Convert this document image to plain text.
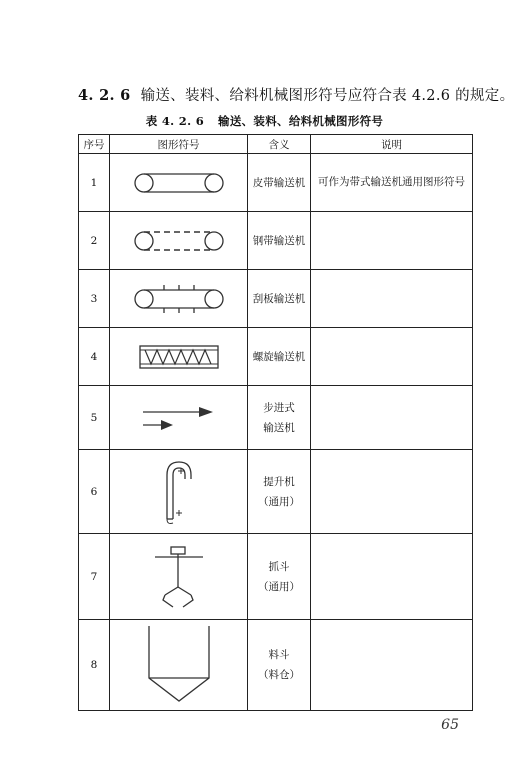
4. 2. 6 输送、装料、给料机械图形符号应符合表 4.2.6 的规定。
表 4. 2. 6 输送、装料、给料机械图形符号
序号	图形符号	含义	说明
1		皮带输送机	可作为带式输送机通用图形符号
2		钢带输送机	
3		刮板输送机	
4		螺旋输送机	
5		步进式
输送机	
6		提升机
（通用）	
7		抓斗
（通用）	
8		料斗
（料仓）	
65
